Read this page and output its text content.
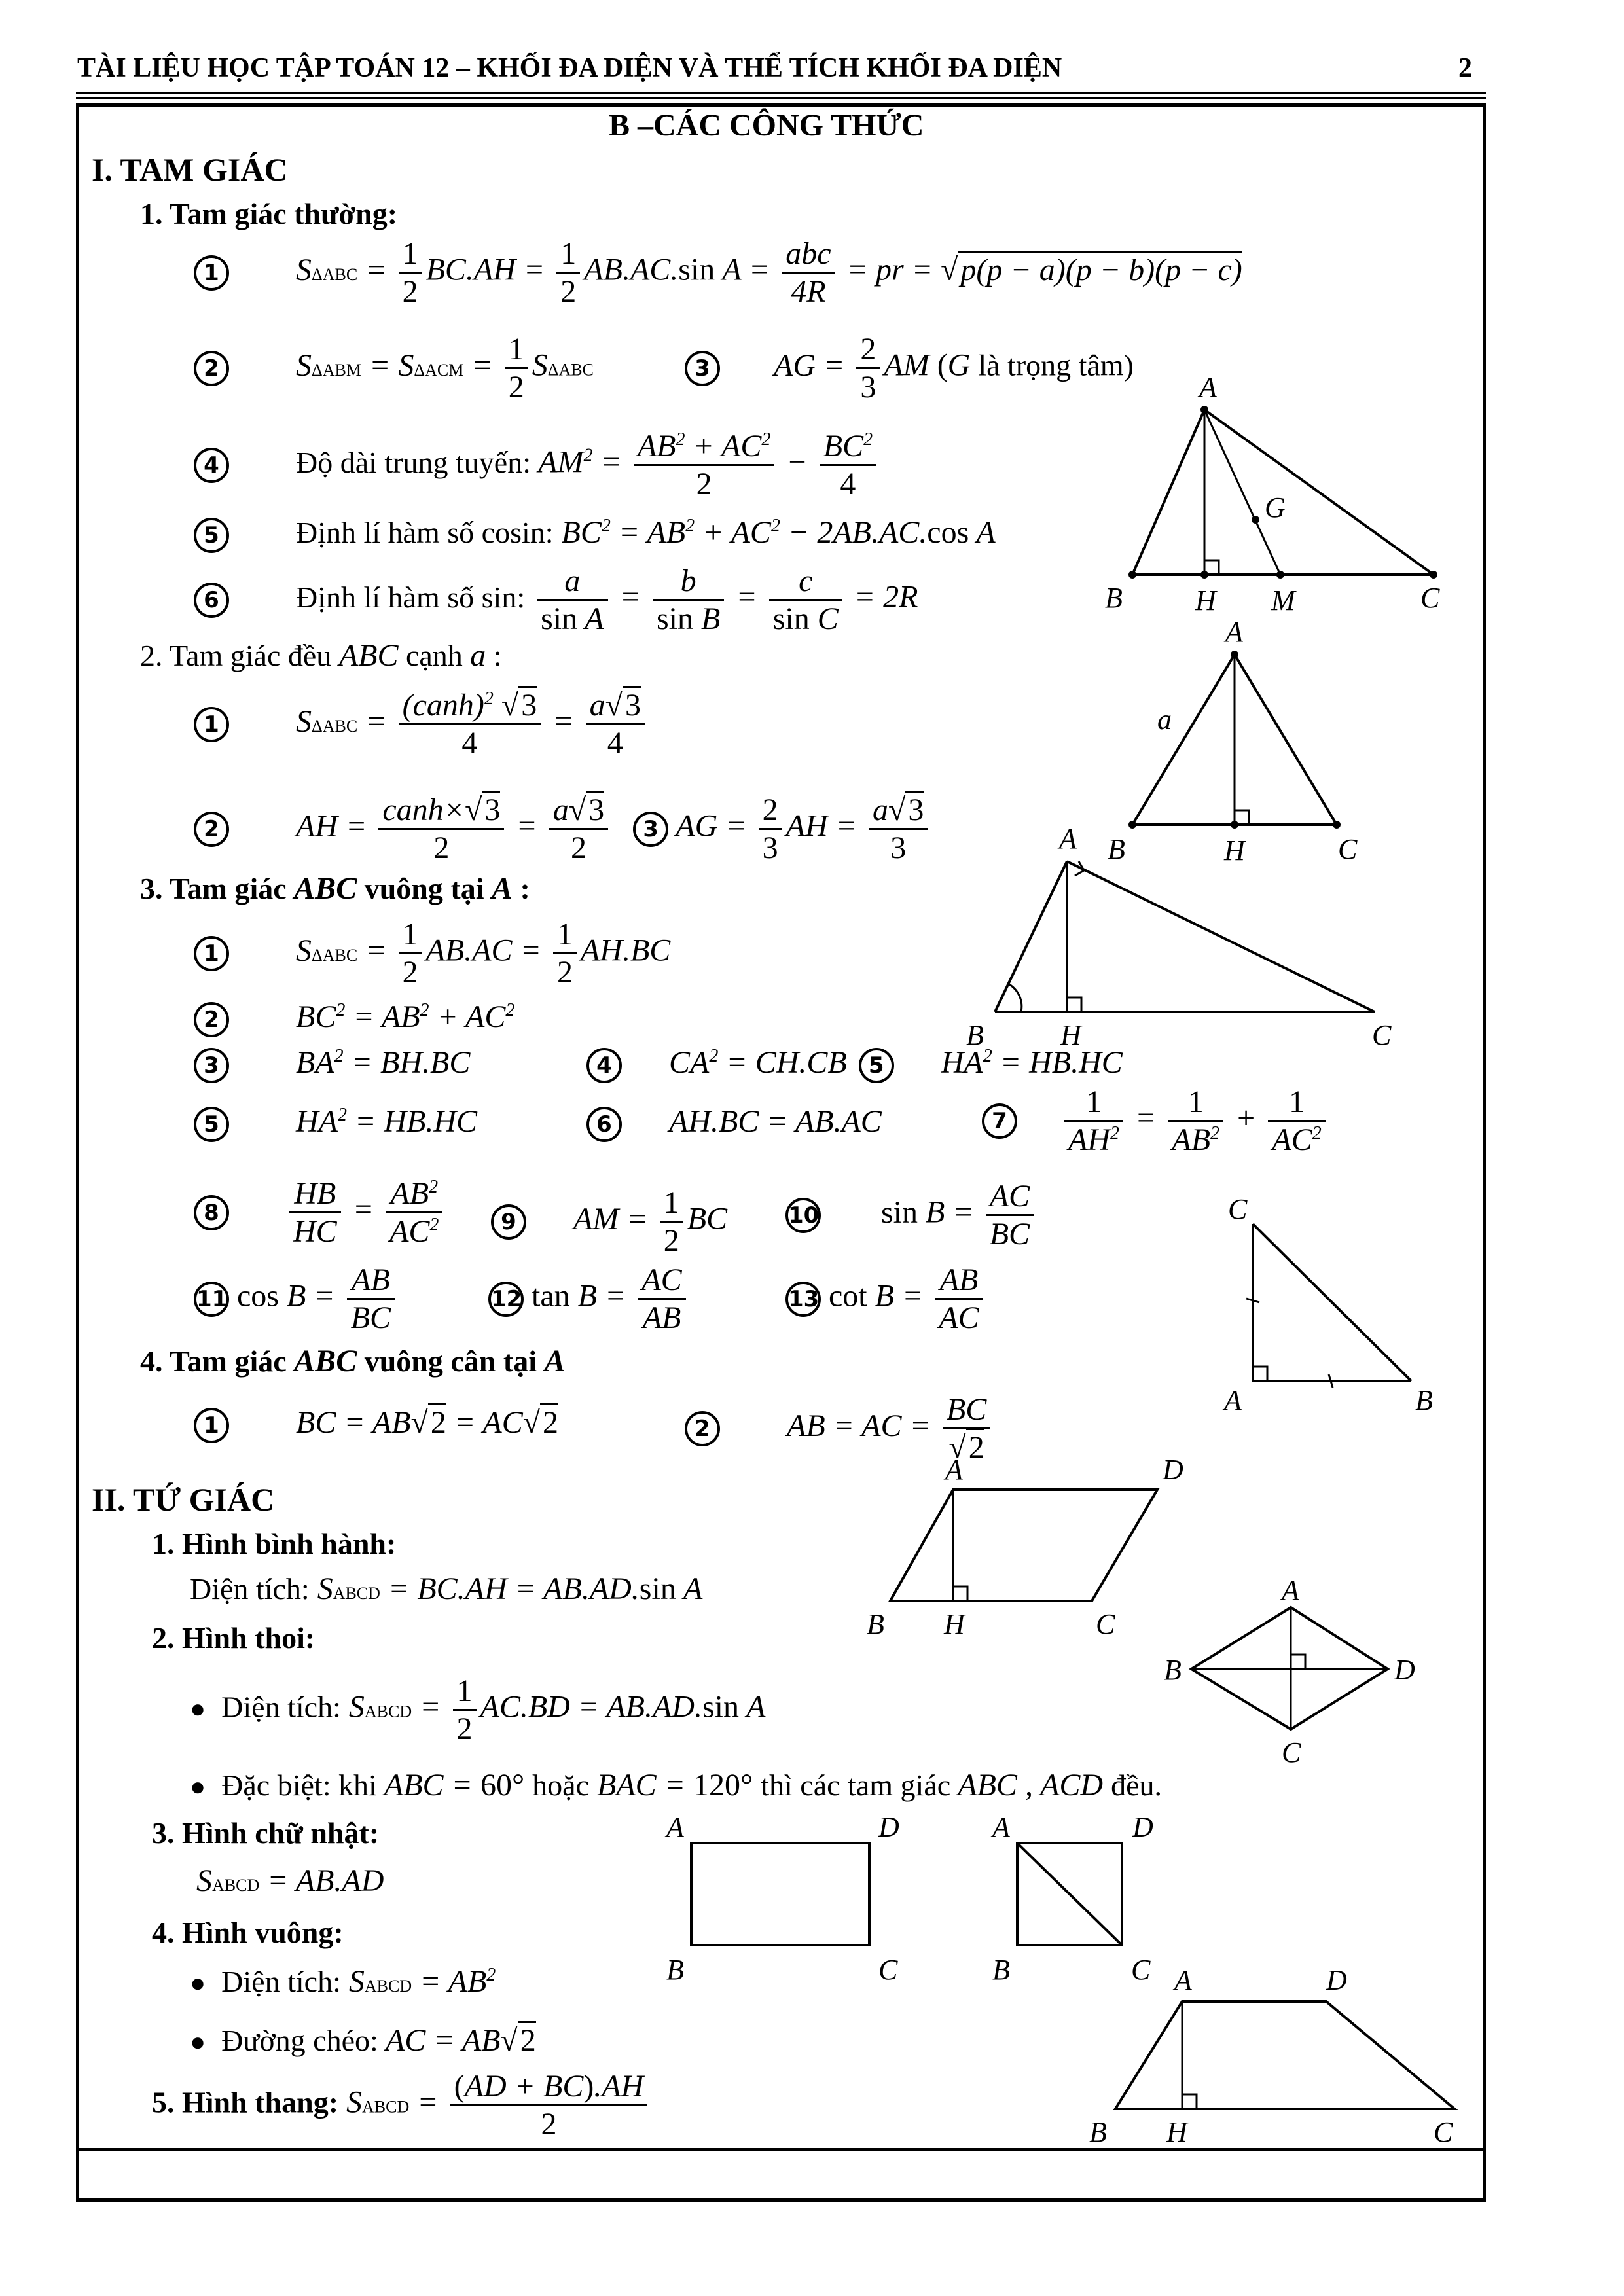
TÀI LIỆU HỌC TẬP TOÁN 12 – KHỐI ĐA DIỆN VÀ THỂ TÍCH KHỐI ĐA DIỆN	2
B –CÁC CÔNG THỨC
I. TAM GIÁC
1. Tam giác thường:
1 $S\Delta ABC = \frac{1}{2} BC.AH = \frac{1}{2} AB.AC.\sin$ A = abc
4R
= pr = √p(p − a)(p − b)(p − c)
2 $S\Delta ABM = S\Delta ACM = \frac{1}{2}$ SΔABC	3 AG = $\frac{2}{3}$ AM (G là trọng tâm)
4	Độ dài trung tuyến: $AM^2 = \frac{AB^2 + AC^2}{2} - \frac{BC^2}{4}$
5	Định lí hàm số cosin: $BC^2 = AB^2 + AC^2 - 2AB.AC.\cos$ A
6	Định lí hàm số sin: $\frac{a}{\text{sin A}} = \frac{b}{\text{sin B}} = \frac{c}{\text{sin C}} = 2R$
A
B	H M	C
G
2. Tam giác đều ABC cạnh a :
1 SΔABC = (canh)$^2$ √3
4
= $\frac{a√3}{4}$
2 AH = canh×√3
2
= $\frac{a√3}{2} 3$ AG = $\frac{2}{3}$ AH = $\frac{a√3}{3}$
A
a
B	H	C
3. Tam giác ABC vuông tại A :
1 $S\Delta ABC = \frac{1}{2} AB.AC = \frac{1}{2} AH.BC$
2 $BC^2 = AB^2 + AC^2$
3 $BA^2 = BH.BC$	4 $CA^2 = CH.CB$ 5 $HA^2 = HB.HC$
5 $HA^2 = HB.HC$	6 AH.BC = AB.AC	$7 \frac{1}{AH^2} = \frac{1}{AB^2} + \frac{1}{AC^2}$
$8 \frac{HB}{HC} = \frac{AB^2}{AC^2}$	9 AM = $\frac{1}{2}$ BC	10 $\sin B = \frac{AC}{BC}$
11 $\cos B = \frac{AB}{BC}$	12 $\tan B = \frac{AC}{AB}$	13 $\cot B = \frac{AB}{AC}$
A
B	H	C
C
A	B
4. Tam giác ABC vuông cân tại A
1 BC = AB√2 = AC√2	2 AB = AC = $\frac{BC}{√2}$
II. TỨ GIÁC
1. Hình bình hành:
Diện tích: SABCD = BC.AH = AB.AD.sin A
A	D
B H	C
2. Hình thoi:
● Diện tích: SABCD = $\frac{1}{2} AC.BD = AB.AD.\sin$ A
● Đặc biệt: khi ABC = 60° hoặc BAC = 120° thì các tam giác ABC , ACD đều.
A
B	D
C
3. Hình chữ nhật:
SABCD = AB.AD
A	D
B	C
A	D
B	C
4. Hình vuông:
● Diện tích: SABCD = $AB^2$
● Đường chéo: AC = AB√2
5. Hình thang: SABCD = $\frac{(AD + BC).AH}{2}$
A	D
B H	C
